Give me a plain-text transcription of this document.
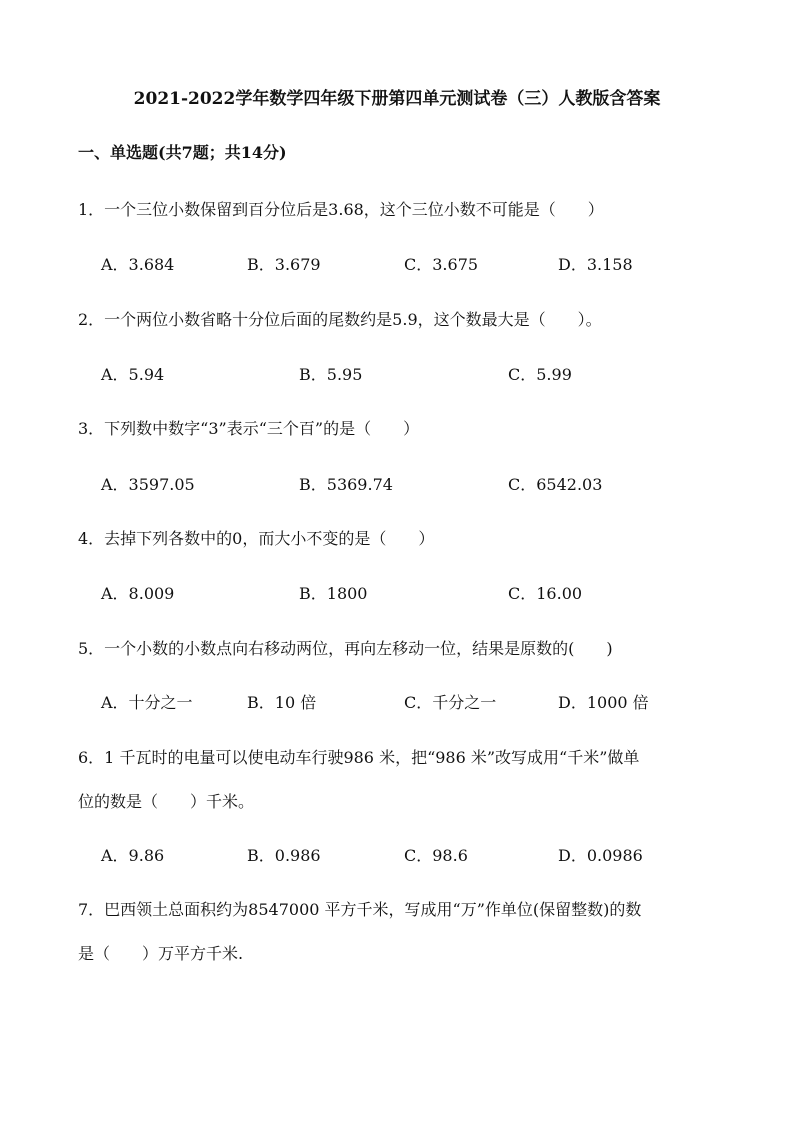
2021-2022学年数学四年级下册第四单元测试卷（三）人教版含答案
一、单选题(共7题；共14分)
1．一个三位小数保留到百分位后是3.68，这个三位小数不可能是（　　）
A．3.684	B．3.679	C．3.675	D．3.158
2．一个两位小数省略十分位后面的尾数约是5.9，这个数最大是（　　）。
A．5.94	B．5.95	C．5.99
3．下列数中数字“3”表示“三个百”的是（　　）
A．3597.05	B．5369.74	C．6542.03
4．去掉下列各数中的0，而大小不变的是（　　）
A．8.009	B．1800	C．16.00
5．一个小数的小数点向右移动两位，再向左移动一位，结果是原数的(　　)
A．十分之一	B．10 倍	C．千分之一	D．1000 倍
6．1 千瓦时的电量可以使电动车行驶986 米，把“986 米”改写成用“千米”做单
位的数是（　　）千米。
A．9.86	B．0.986	C．98.6	D．0.0986
7．巴西领土总面积约为8547000 平方千米，写成用“万”作单位(保留整数)的数
是（　　）万平方千米.
